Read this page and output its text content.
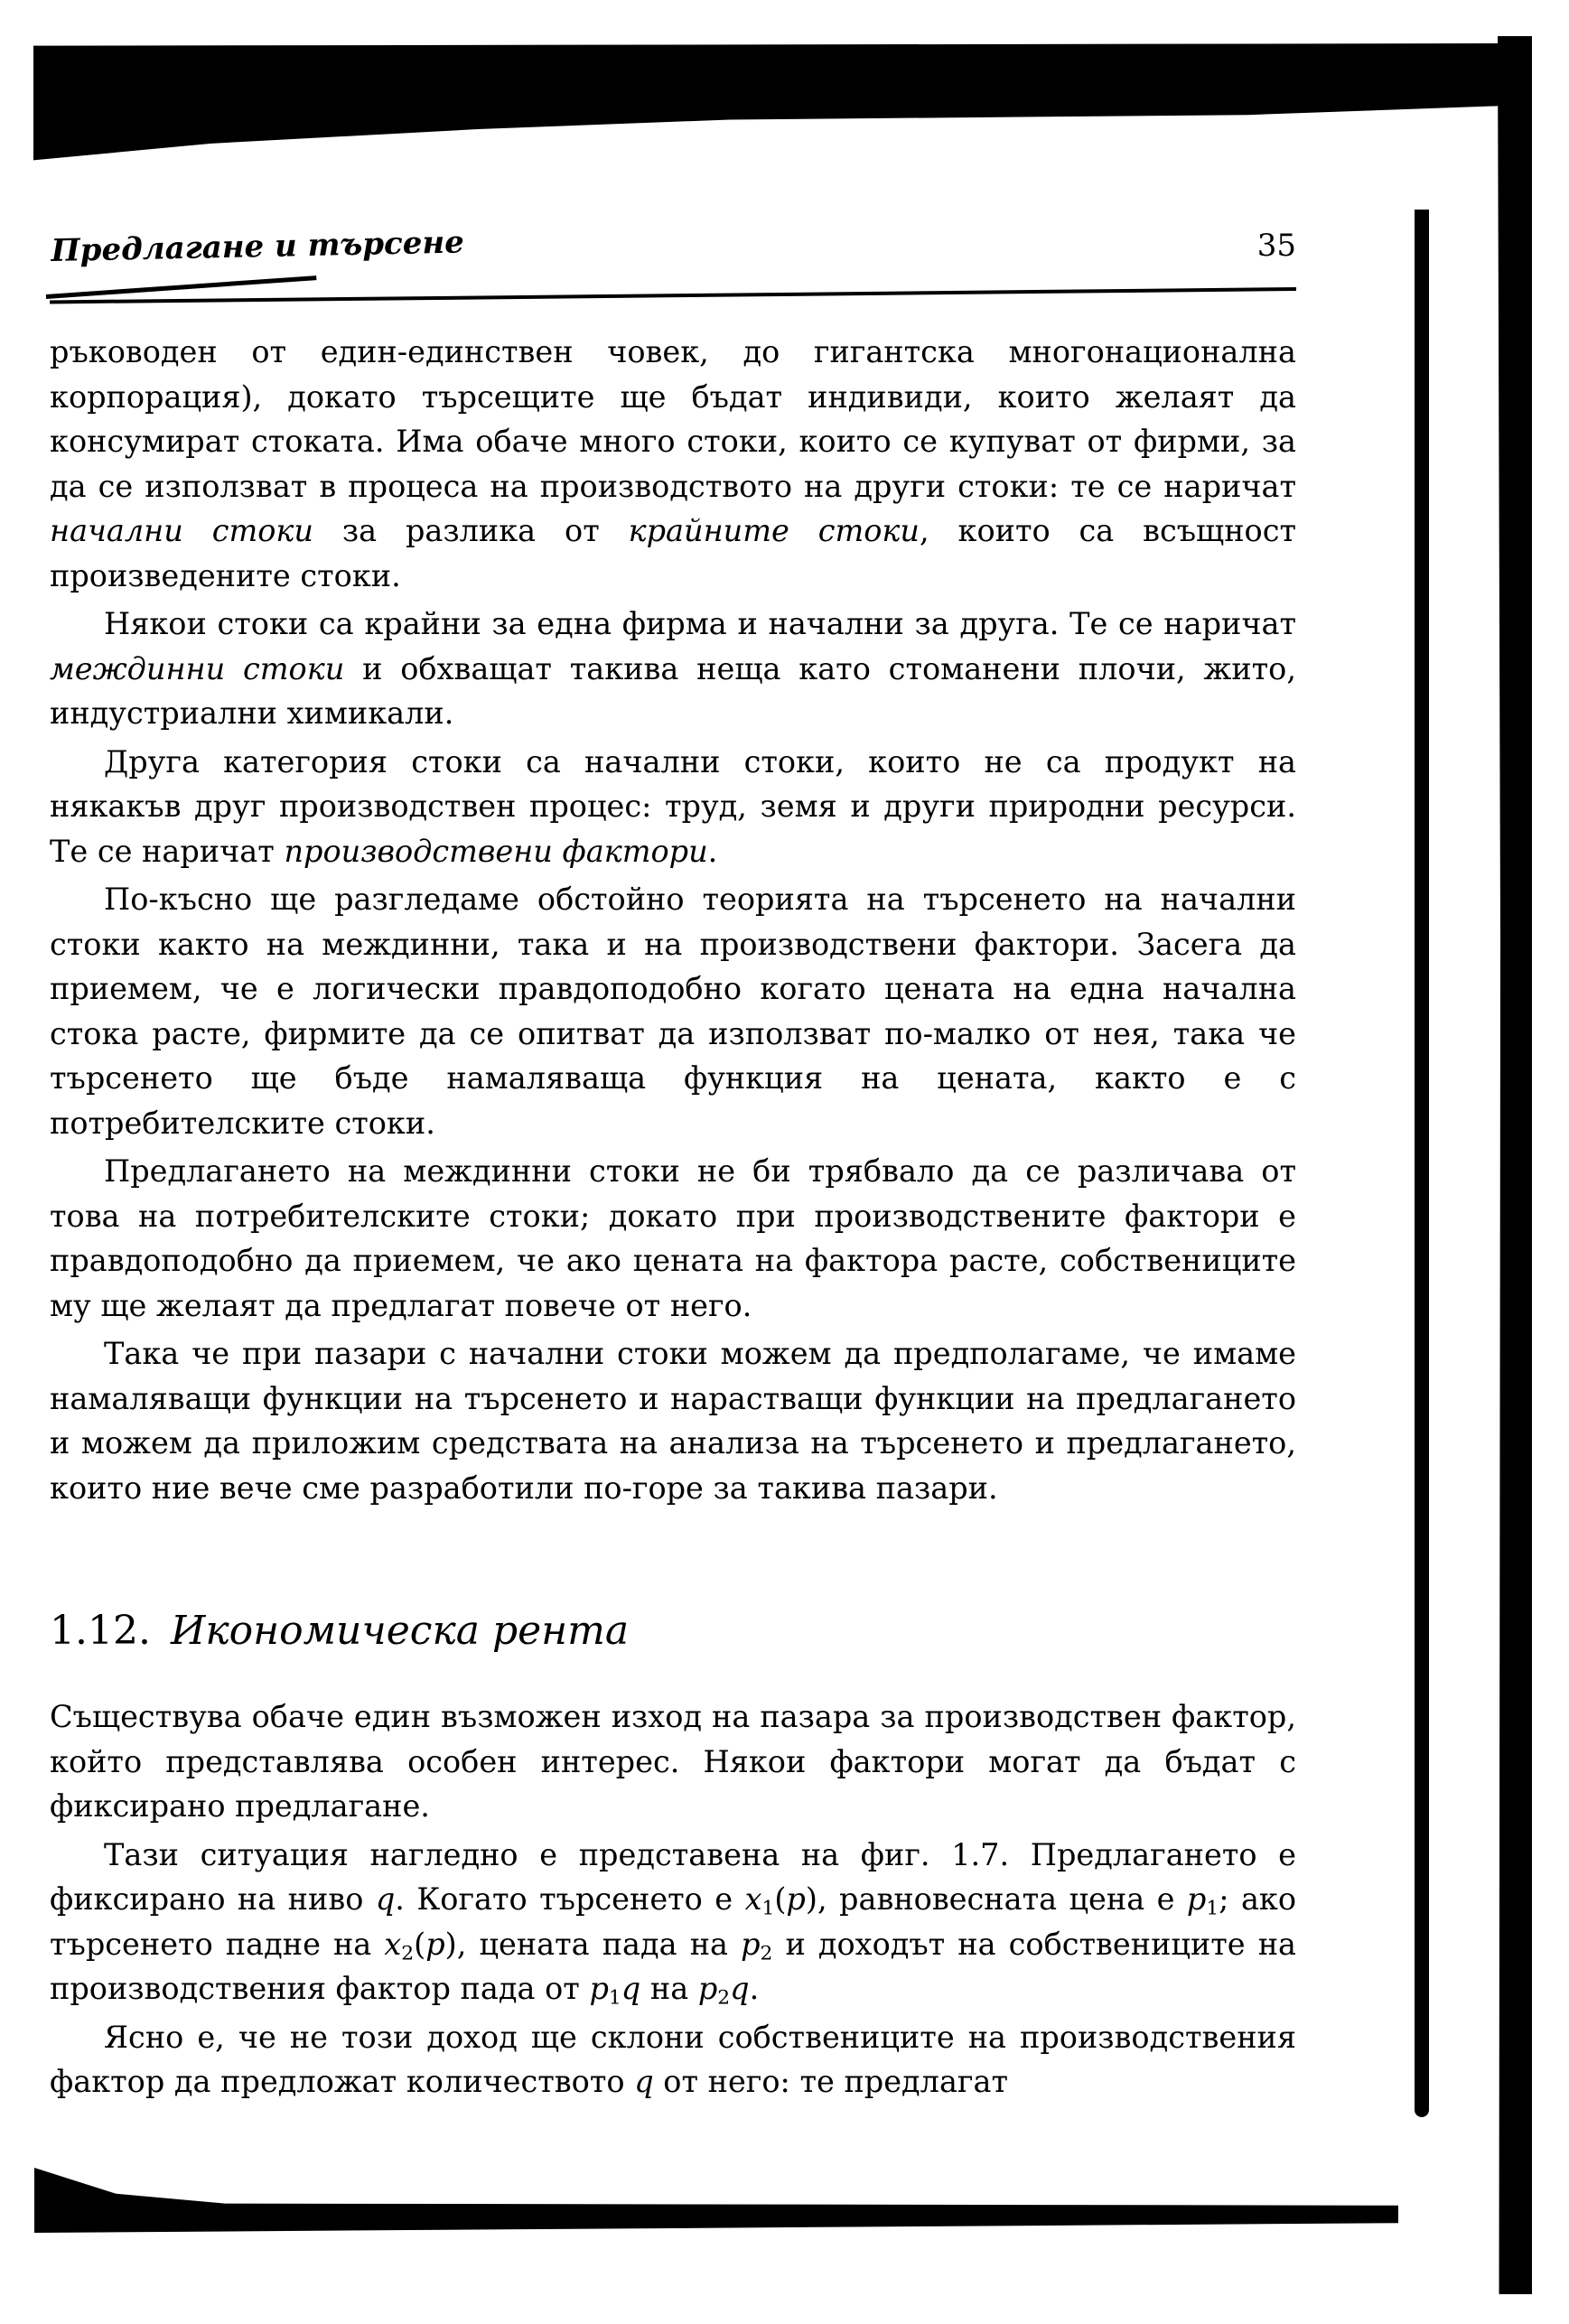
Предлагане и търсене	35

ръководен от един-единствен човек, до гигантска многонационална корпорация), докато търсещите ще бъдат индивиди, които желаят да консумират стоката. Има обаче много стоки, които се купуват от фирми, за да се използват в процеса на производството на други стоки: те се наричат начални стоки за разлика от крайните стоки, които са всъщност произведените стоки.

Някои стоки са крайни за една фирма и начални за друга. Те се наричат междинни стоки и обхващат такива неща като стоманени плочи, жито, индустриални химикали.

Друга категория стоки са начални стоки, които не са продукт на някакъв друг производствен процес: труд, земя и други природни ресурси. Те се наричат производствени фактори.

По-късно ще разгледаме обстойно теорията на търсенето на начални стоки както на междинни, така и на производствени фактори. Засега да приемем, че е логически правдоподобно когато цената на една начална стока расте, фирмите да се опитват да използват по-малко от нея, така че търсенето ще бъде намаляваща функция на цената, както е с потребителските стоки.

Предлагането на междинни стоки не би трябвало да се различава от това на потребителските стоки; докато при производствените фактори е правдоподобно да приемем, че ако цената на фактора расте, собствениците му ще желаят да предлагат повече от него.

Така че при пазари с начални стоки можем да предполагаме, че имаме намаляващи функции на търсенето и нарастващи функции на предлагането и можем да приложим средствата на анализа на търсенето и предлагането, които ние вече сме разработили по-горе за такива пазари.

1.12. Икономическа рента

Съществува обаче един възможен изход на пазара за производствен фактор, който представлява особен интерес. Някои фактори могат да бъдат с фиксирано предлагане.

Тази ситуация нагледно е представена на фиг. 1.7. Предлагането е фиксирано на ниво q. Когато търсенето е $x_1(p)$, равновесната цена е $p_1$; ако търсенето падне на $x_2(p)$, цената пада на $p_2$ и доходът на собствениците на производствения фактор пада от $p_1q$ на $p_2q$.

Ясно е, че не този доход ще склони собствениците на производствения фактор да предложат количеството q от него: те предлагат
